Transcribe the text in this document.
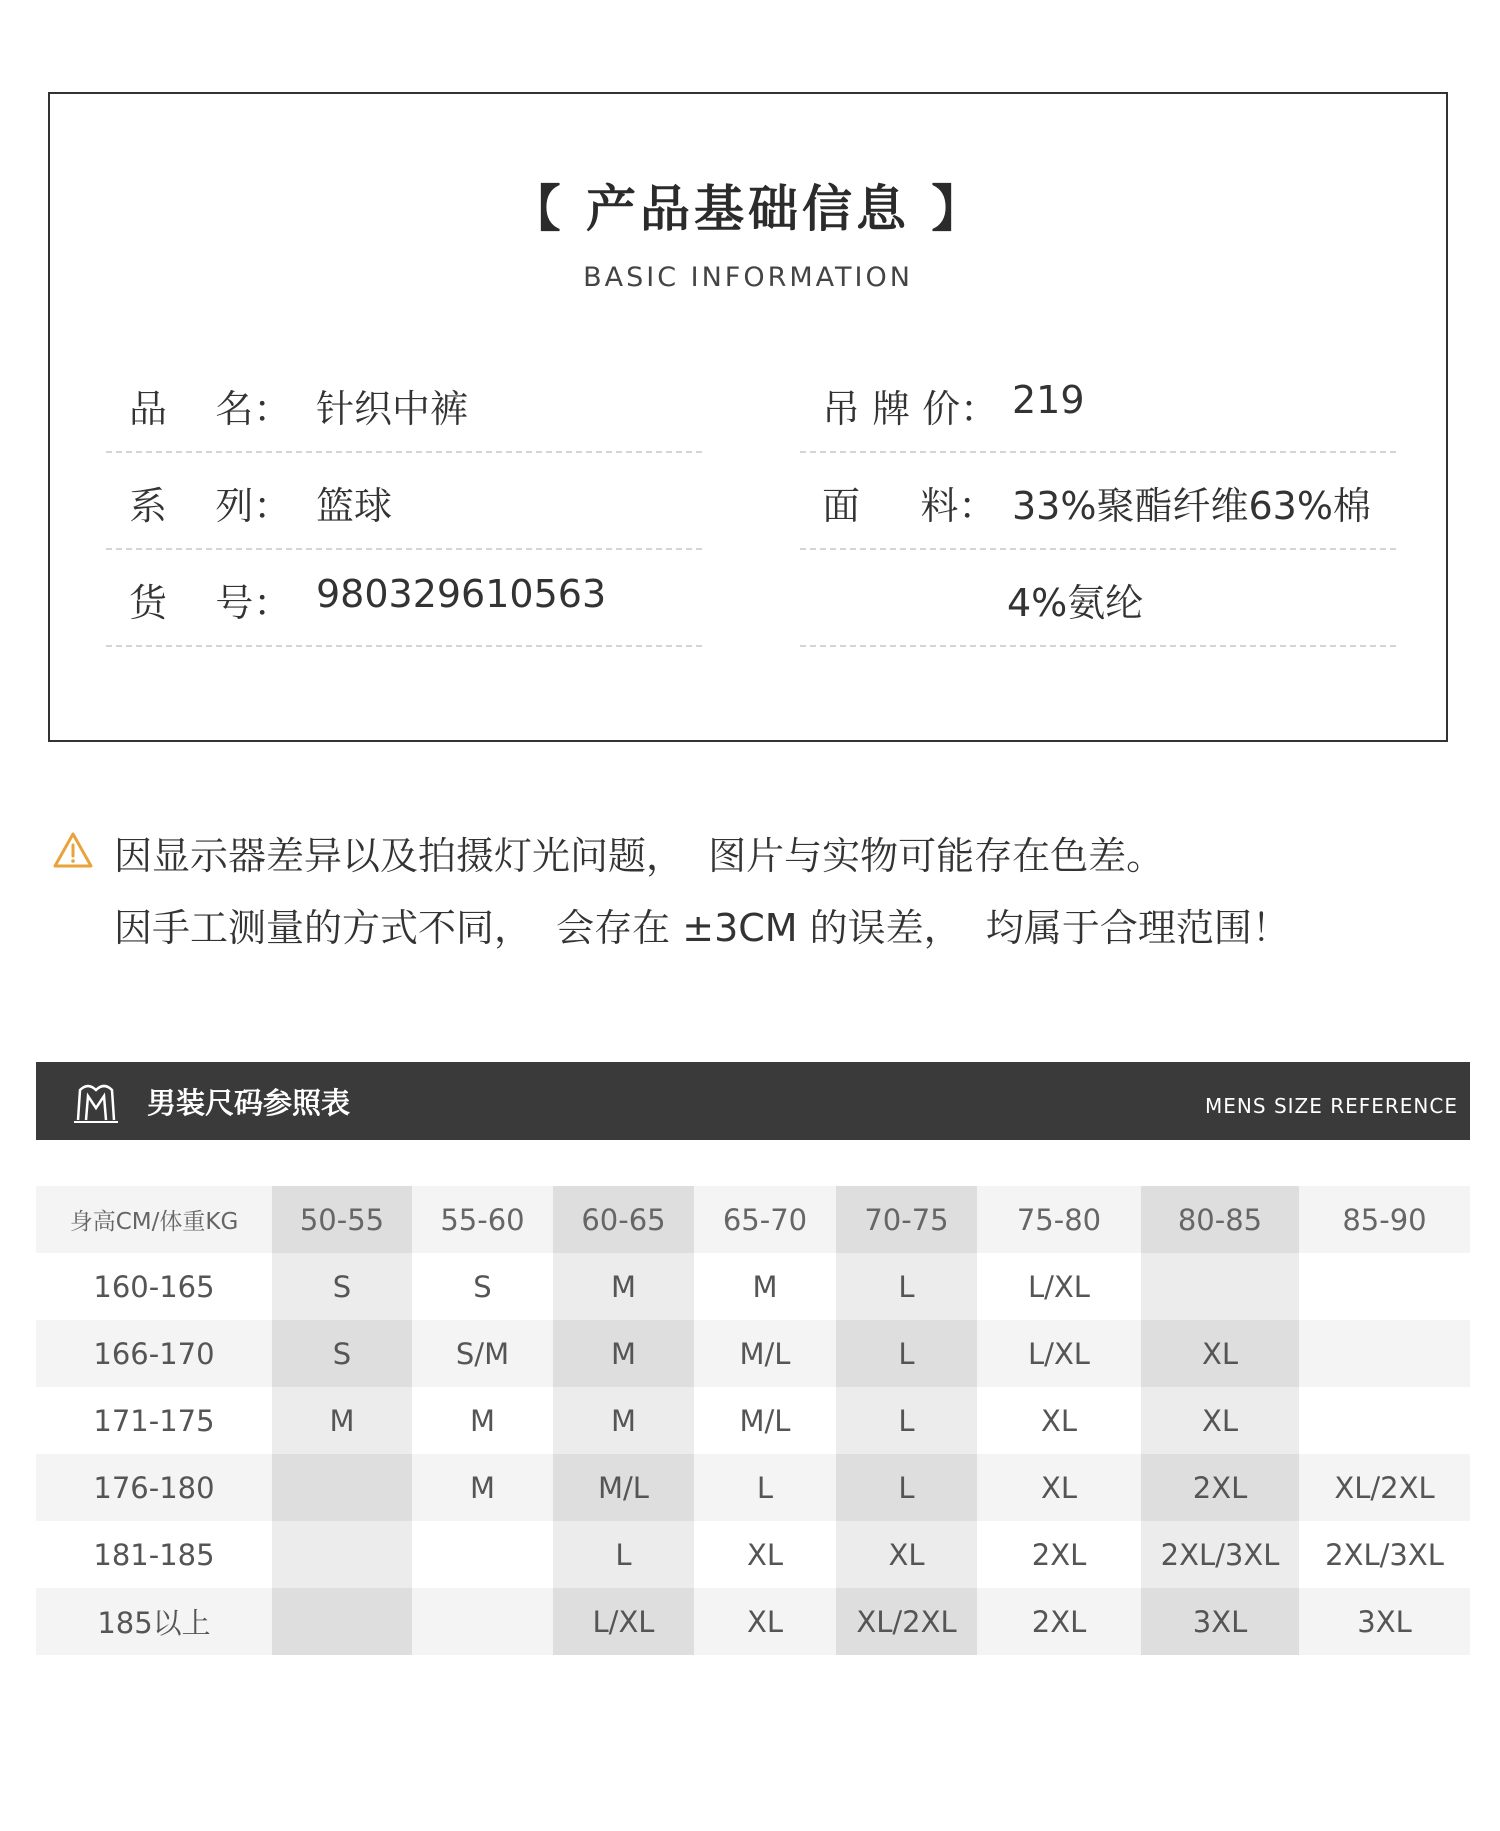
【 产品基础信息 】
BASIC INFORMATION
品    名： 针织中裤
系    列： 篮球
货    号： 980329610563
吊 牌 价： 219
面     料： 33%聚酯纤维63%棉
4%氨纶
因显示器差异以及拍摄灯光问题，  图片与实物可能存在色差。
因手工测量的方式不同，  会存在 ±3CM 的误差，  均属于合理范围！
男装尺码参照表	MENS SIZE REFERENCE
身高CM/体重KG	50-55	55-60	60-65	65-70	70-75	75-80	80-85	85-90
160-165	S	S	M	M	L	L/XL		
166-170	S	S/M	M	M/L	L	L/XL	XL	
171-175	M	M	M	M/L	L	XL	XL	
176-180		M	M/L	L	L	XL	2XL	XL/2XL
181-185			L	XL	XL	2XL	2XL/3XL	2XL/3XL
185以上			L/XL	XL	XL/2XL	2XL	3XL	3XL
